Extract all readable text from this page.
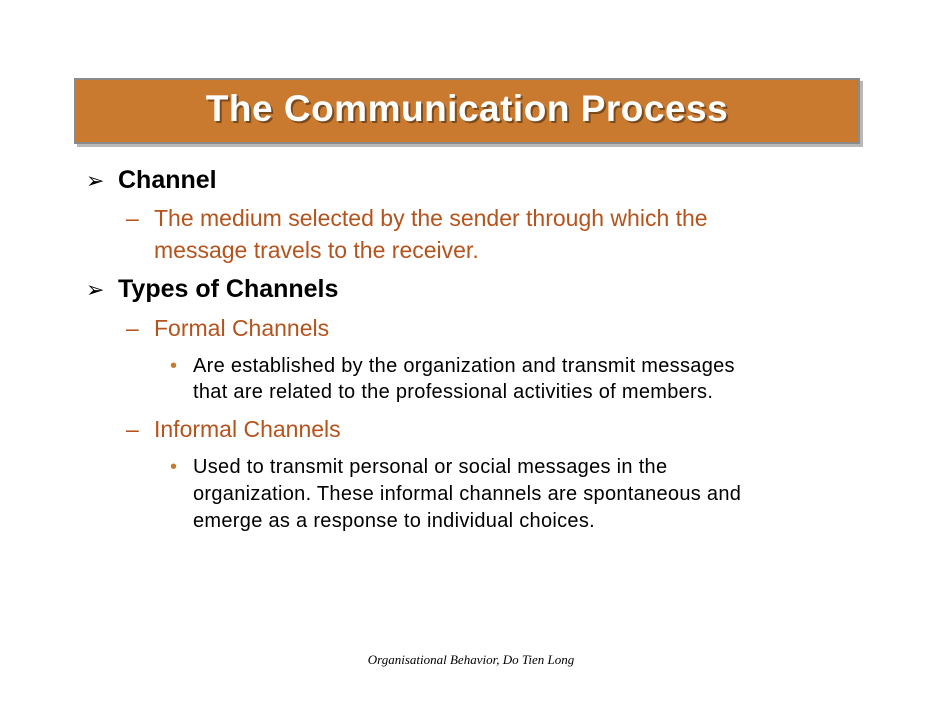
The Communication Process
➢ Channel
– The medium selected by the sender through which the
message travels to the receiver.
➢ Types of Channels
– Formal Channels
• Are established by the organization and transmit messages
that are related to the professional activities of members.
– Informal Channels
• Used to transmit personal or social messages in the
organization. These informal channels are spontaneous and
emerge as a response to individual choices.
Organisational Behavior, Do Tien Long
